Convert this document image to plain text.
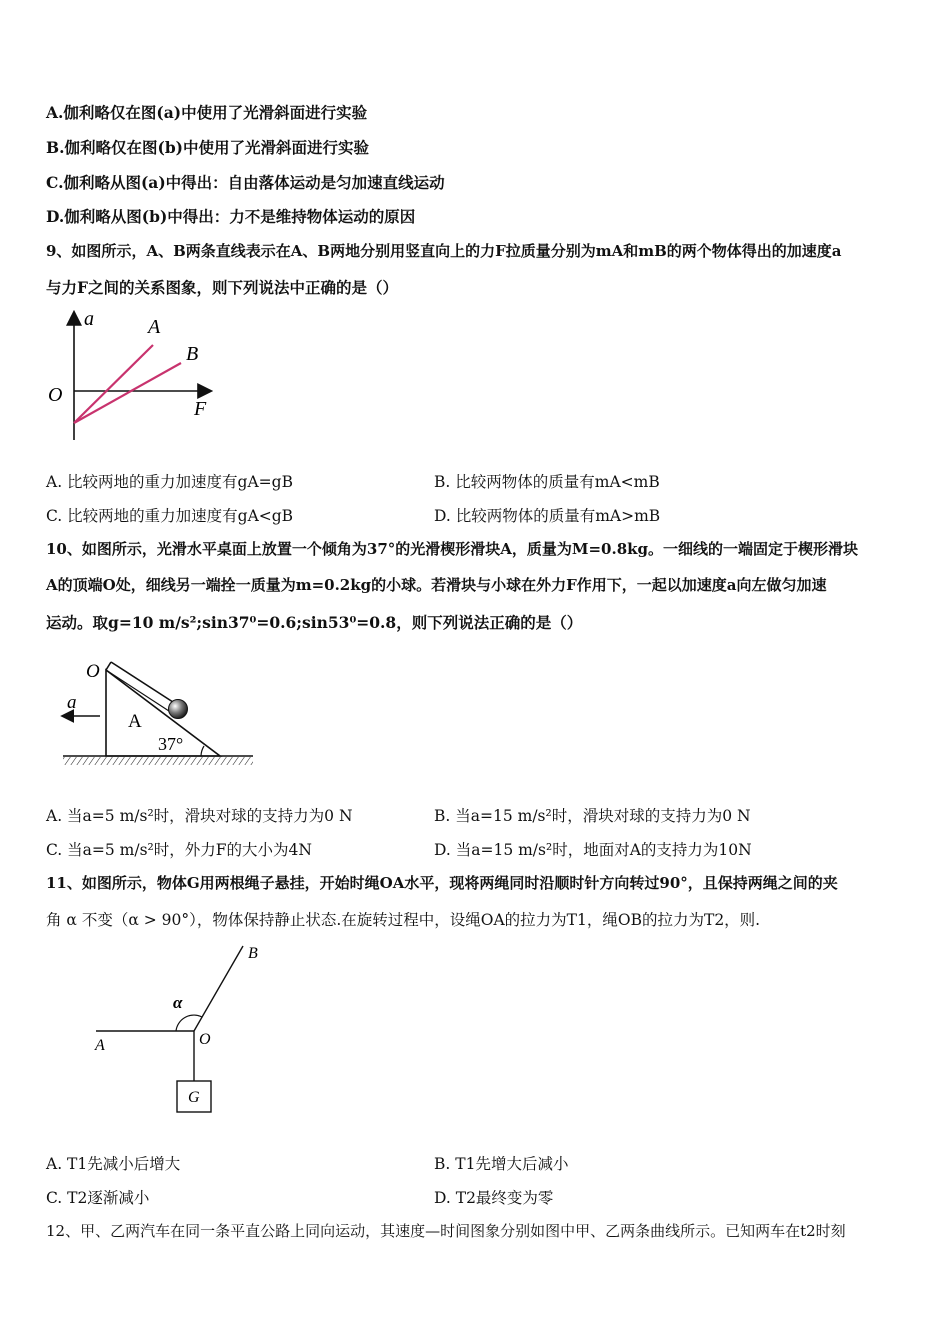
A.伽利略仅在图(a)中使用了光滑斜面进行实验
B.伽利略仅在图(b)中使用了光滑斜面进行实验
C.伽利略从图(a)中得出：自由落体运动是匀加速直线运动
D.伽利略从图(b)中得出：力不是维持物体运动的原因
9、如图所示，A、B两条直线表示在A、B两地分别用竖直向上的力F拉质量分别为mA和mB的两个物体得出的加速度a
与力F之间的关系图象，则下列说法中正确的是（）
a
F
O
A
B
A. 比较两地的重力加速度有gA=gB	B. 比较两物体的质量有mA<mB
C. 比较两地的重力加速度有gA<gB	D. 比较两物体的质量有mA>mB
10、如图所示，光滑水平桌面上放置一个倾角为37°的光滑楔形滑块A，质量为M=0.8kg。一细线的一端固定于楔形滑块
A的顶端O处，细线另一端拴一质量为m=0.2kg的小球。若滑块与小球在外力F作用下，一起以加速度a向左做匀加速
运动。取g=10 m/s²;sin37⁰=0.6;sin53⁰=0.8，则下列说法正确的是（）
a
O
A
37°
A. 当a=5 m/s²时，滑块对球的支持力为0 N	B. 当a=15 m/s²时，滑块对球的支持力为0 N
C. 当a=5 m/s²时，外力F的大小为4N	D. 当a=15 m/s²时，地面对A的支持力为10N
11、如图所示，物体G用两根绳子悬挂，开始时绳OA水平，现将两绳同时沿顺时针方向转过90°，且保持两绳之间的夹
角 α 不变（α > 90°），物体保持静止状态.在旋转过程中，设绳OA的拉力为T1，绳OB的拉力为T2，则.
A
B
O
α
G
A. T1先减小后增大	B. T1先增大后减小
C. T2逐渐减小	D. T2最终变为零
12、甲、乙两汽车在同一条平直公路上同向运动，其速度—时间图象分别如图中甲、乙两条曲线所示。已知两车在t2时刻
